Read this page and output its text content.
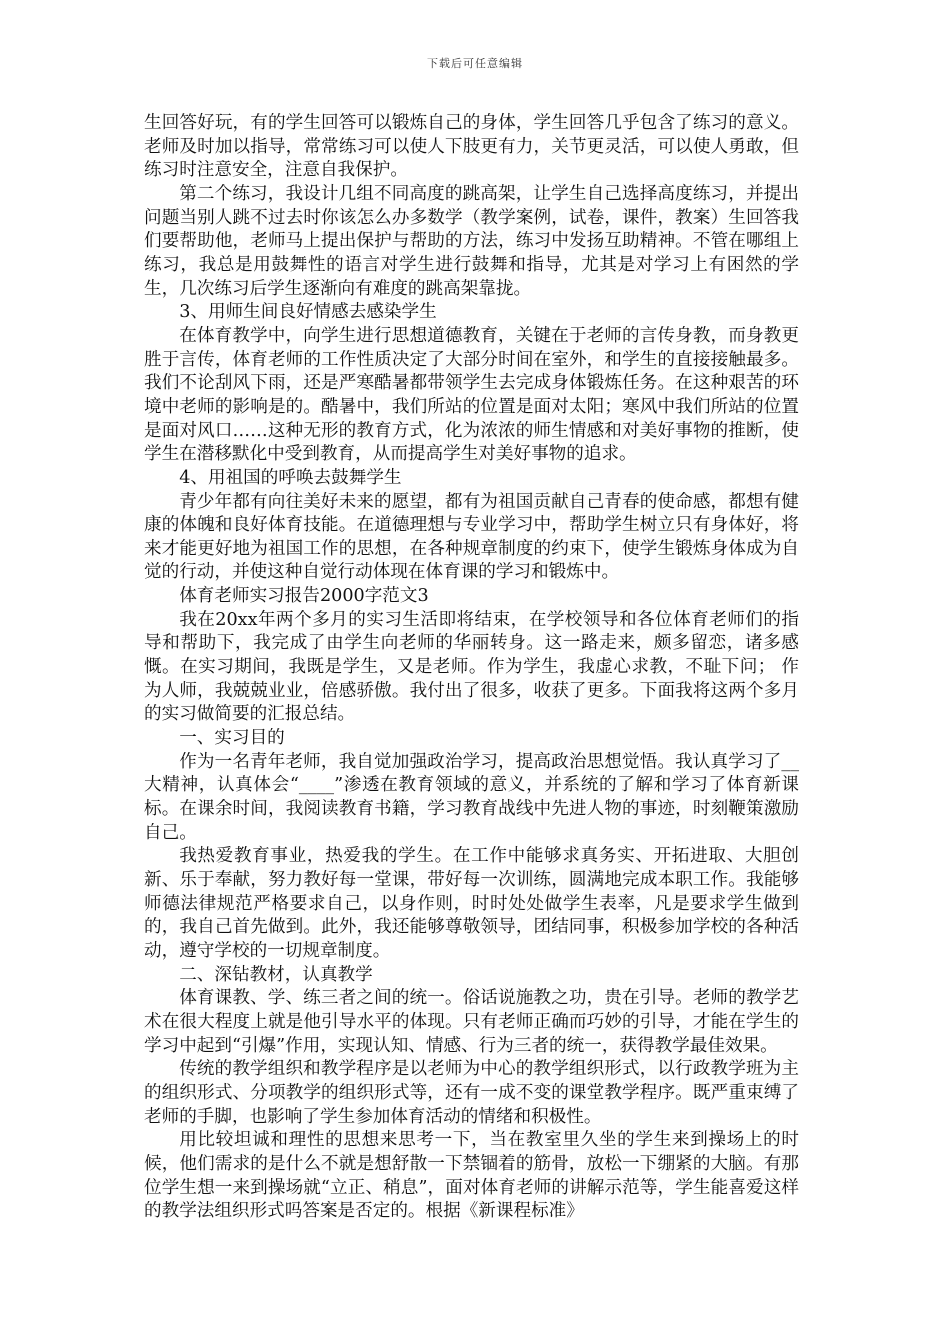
下载后可任意编辑

生回答好玩，有的学生回答可以锻炼自己的身体，学生回答几乎包含了练习的意义。老师及时加以指导，常常练习可以使人下肢更有力，关节更灵活，可以使人勇敢，但练习时注意安全，注意自我保护。

第二个练习，我设计几组不同高度的跳高架，让学生自己选择高度练习，并提出问题当别人跳不过去时你该怎么办多数学（教学案例，试卷，课件，教案）生回答我们要帮助他，老师马上提出保护与帮助的方法，练习中发扬互助精神。不管在哪组上练习，我总是用鼓舞性的语言对学生进行鼓舞和指导，尤其是对学习上有困然的学生，几次练习后学生逐渐向有难度的跳高架靠拢。

3、用师生间良好情感去感染学生

在体育教学中，向学生进行思想道德教育，关键在于老师的言传身教，而身教更胜于言传，体育老师的工作性质决定了大部分时间在室外，和学生的直接接触最多。我们不论刮风下雨，还是严寒酷暑都带领学生去完成身体锻炼任务。在这种艰苦的环境中老师的影响是的。酷暑中，我们所站的位置是面对太阳；寒风中我们所站的位置是面对风口……这种无形的教育方式，化为浓浓的师生情感和对美好事物的推断，使学生在潜移默化中受到教育，从而提高学生对美好事物的追求。

4、用祖国的呼唤去鼓舞学生

青少年都有向往美好未来的愿望，都有为祖国贡献自己青春的使命感，都想有健康的体魄和良好体育技能。在道德理想与专业学习中，帮助学生树立只有身体好，将来才能更好地为祖国工作的思想，在各种规章制度的约束下，使学生锻炼身体成为自觉的行动，并使这种自觉行动体现在体育课的学习和锻炼中。

体育老师实习报告2000字范文3

我在20xx年两个多月的实习生活即将结束，在学校领导和各位体育老师们的指导和帮助下，我完成了由学生向老师的华丽转身。这一路走来，颇多留恋，诸多感慨。在实习期间，我既是学生，又是老师。作为学生，我虚心求教，不耻下问； 作为人师，我兢兢业业，倍感骄傲。我付出了很多，收获了更多。下面我将这两个多月的实习做简要的汇报总结。

一、实习目的

作为一名青年老师，我自觉加强政治学习，提高政治思想觉悟。我认真学习了__大精神，认真体会“____”渗透在教育领域的意义，并系统的了解和学习了体育新课标。在课余时间，我阅读教育书籍，学习教育战线中先进人物的事迹，时刻鞭策激励自己。

我热爱教育事业，热爱我的学生。在工作中能够求真务实、开拓进取、大胆创新、乐于奉献，努力教好每一堂课，带好每一次训练，圆满地完成本职工作。我能够师德法律规范严格要求自己，以身作则，时时处处做学生表率，凡是要求学生做到的，我自己首先做到。此外，我还能够尊敬领导，团结同事，积极参加学校的各种活动，遵守学校的一切规章制度。

二、深钻教材，认真教学

体育课教、学、练三者之间的统一。俗话说施教之功，贵在引导。老师的教学艺术在很大程度上就是他引导水平的体现。只有老师正确而巧妙的引导，才能在学生的学习中起到“引爆”作用，实现认知、情感、行为三者的统一，获得教学最佳效果。

传统的教学组织和教学程序是以老师为中心的教学组织形式，以行政教学班为主的组织形式、分项教学的组织形式等，还有一成不变的课堂教学程序。既严重束缚了老师的手脚，也影响了学生参加体育活动的情绪和积极性。

用比较坦诚和理性的思想来思考一下，当在教室里久坐的学生来到操场上的时候，他们需求的是什么不就是想舒散一下禁锢着的筋骨，放松一下绷紧的大脑。有那位学生想一来到操场就“立正、稍息”，面对体育老师的讲解示范等，学生能喜爱这样的教学法组织形式吗答案是否定的。根据《新课程标准》
